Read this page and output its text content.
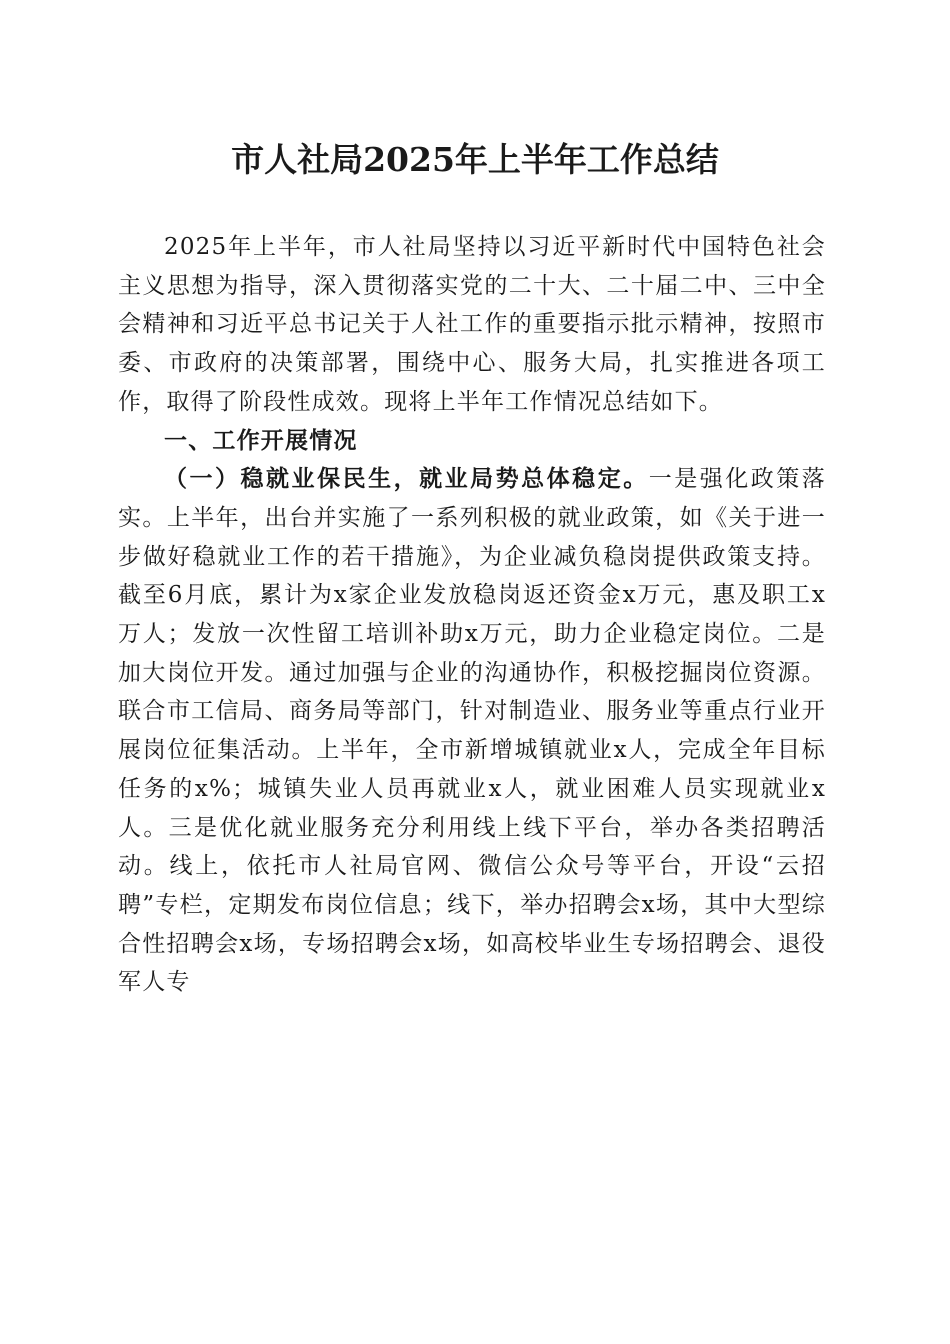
市人社局2025年上半年工作总结

2025年上半年，市人社局坚持以习近平新时代中国特色社会主义思想为指导，深入贯彻落实党的二十大、二十届二中、三中全会精神和习近平总书记关于人社工作的重要指示批示精神，按照市委、市政府的决策部署，围绕中心、服务大局，扎实推进各项工作，取得了阶段性成效。现将上半年工作情况总结如下。

一、工作开展情况

（一）稳就业保民生，就业局势总体稳定。一是强化政策落实。上半年，出台并实施了一系列积极的就业政策，如《关于进一步做好稳就业工作的若干措施》，为企业减负稳岗提供政策支持。截至6月底，累计为x家企业发放稳岗返还资金x万元，惠及职工x万人；发放一次性留工培训补助x万元，助力企业稳定岗位。二是加大岗位开发。通过加强与企业的沟通协作，积极挖掘岗位资源。联合市工信局、商务局等部门，针对制造业、服务业等重点行业开展岗位征集活动。上半年，全市新增城镇就业x人，完成全年目标任务的x%；城镇失业人员再就业x人，就业困难人员实现就业x人。三是优化就业服务充分利用线上线下平台，举办各类招聘活动。线上，依托市人社局官网、微信公众号等平台，开设“云招聘”专栏，定期发布岗位信息；线下，举办招聘会x场，其中大型综合性招聘会x场，专场招聘会x场，如高校毕业生专场招聘会、退役军人专
